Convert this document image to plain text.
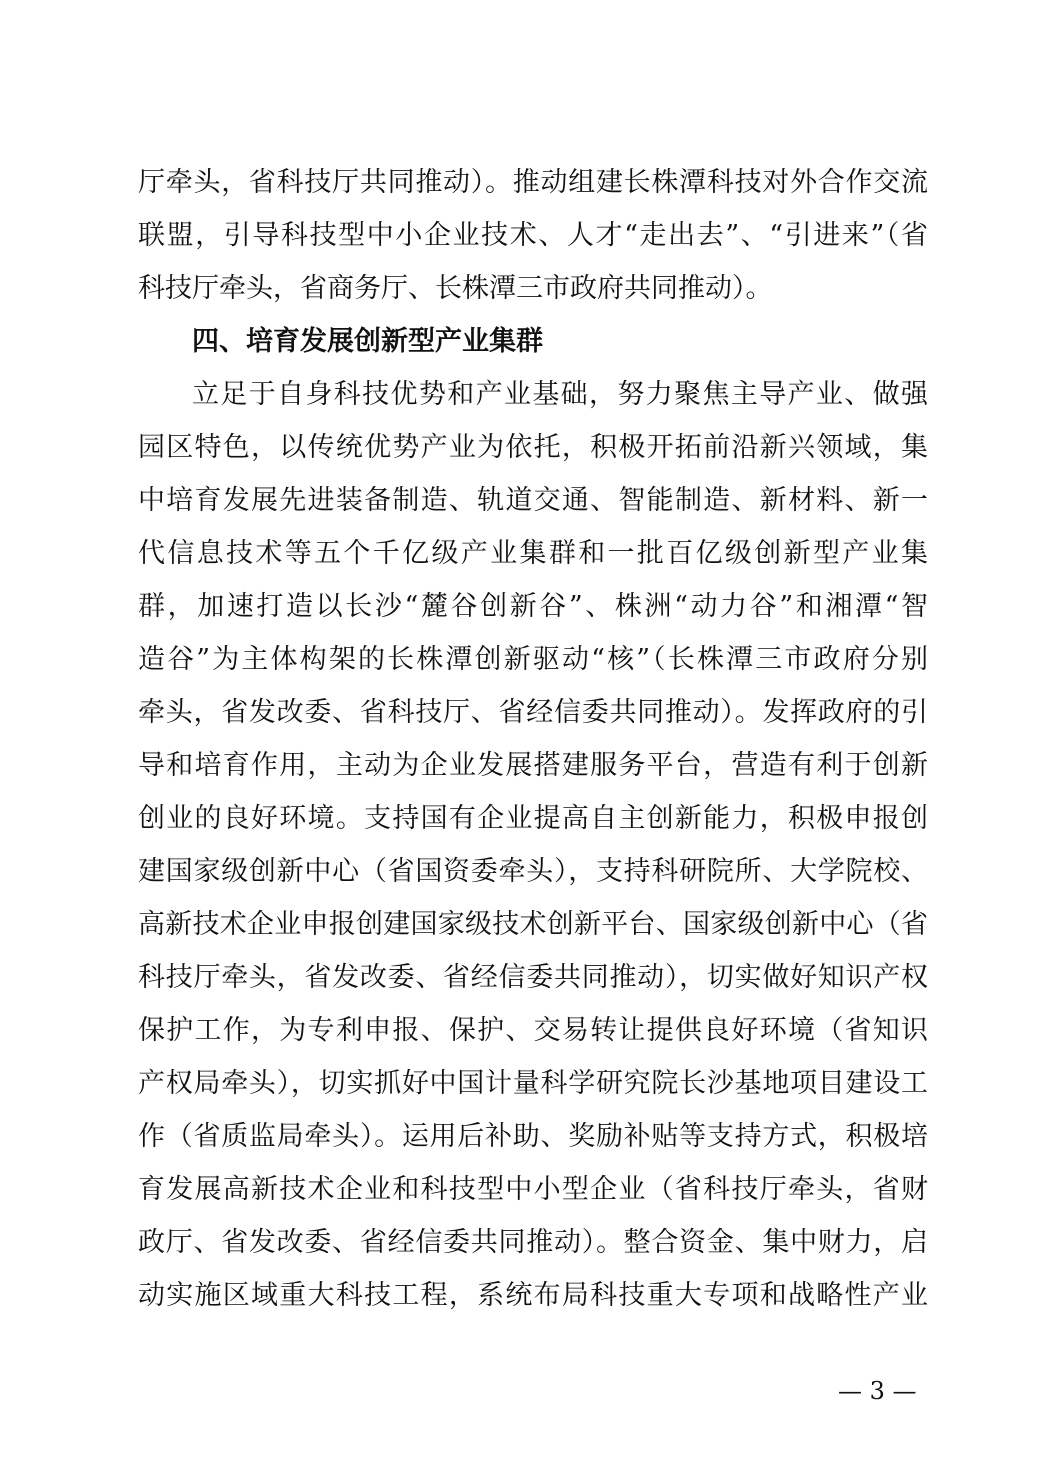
厅牵头，省科技厅共同推动）。推动组建长株潭科技对外合作交流
联盟，引导科技型中小企业技术、人才“走出去”、“引进来”（省
科技厅牵头，省商务厅、长株潭三市政府共同推动）。
四、培育发展创新型产业集群
立足于自身科技优势和产业基础，努力聚焦主导产业、做强
园区特色，以传统优势产业为依托，积极开拓前沿新兴领域，集
中培育发展先进装备制造、轨道交通、智能制造、新材料、新一
代信息技术等五个千亿级产业集群和一批百亿级创新型产业集
群，加速打造以长沙“麓谷创新谷”、株洲“动力谷”和湘潭“智
造谷”为主体构架的长株潭创新驱动“核”（长株潭三市政府分别
牵头，省发改委、省科技厅、省经信委共同推动）。发挥政府的引
导和培育作用，主动为企业发展搭建服务平台，营造有利于创新
创业的良好环境。支持国有企业提高自主创新能力，积极申报创
建国家级创新中心（省国资委牵头），支持科研院所、大学院校、
高新技术企业申报创建国家级技术创新平台、国家级创新中心（省
科技厅牵头，省发改委、省经信委共同推动），切实做好知识产权
保护工作，为专利申报、保护、交易转让提供良好环境（省知识
产权局牵头），切实抓好中国计量科学研究院长沙基地项目建设工
作（省质监局牵头）。运用后补助、奖励补贴等支持方式，积极培
育发展高新技术企业和科技型中小型企业（省科技厅牵头，省财
政厅、省发改委、省经信委共同推动）。整合资金、集中财力，启
动实施区域重大科技工程，系统布局科技重大专项和战略性产业
— 3 —
